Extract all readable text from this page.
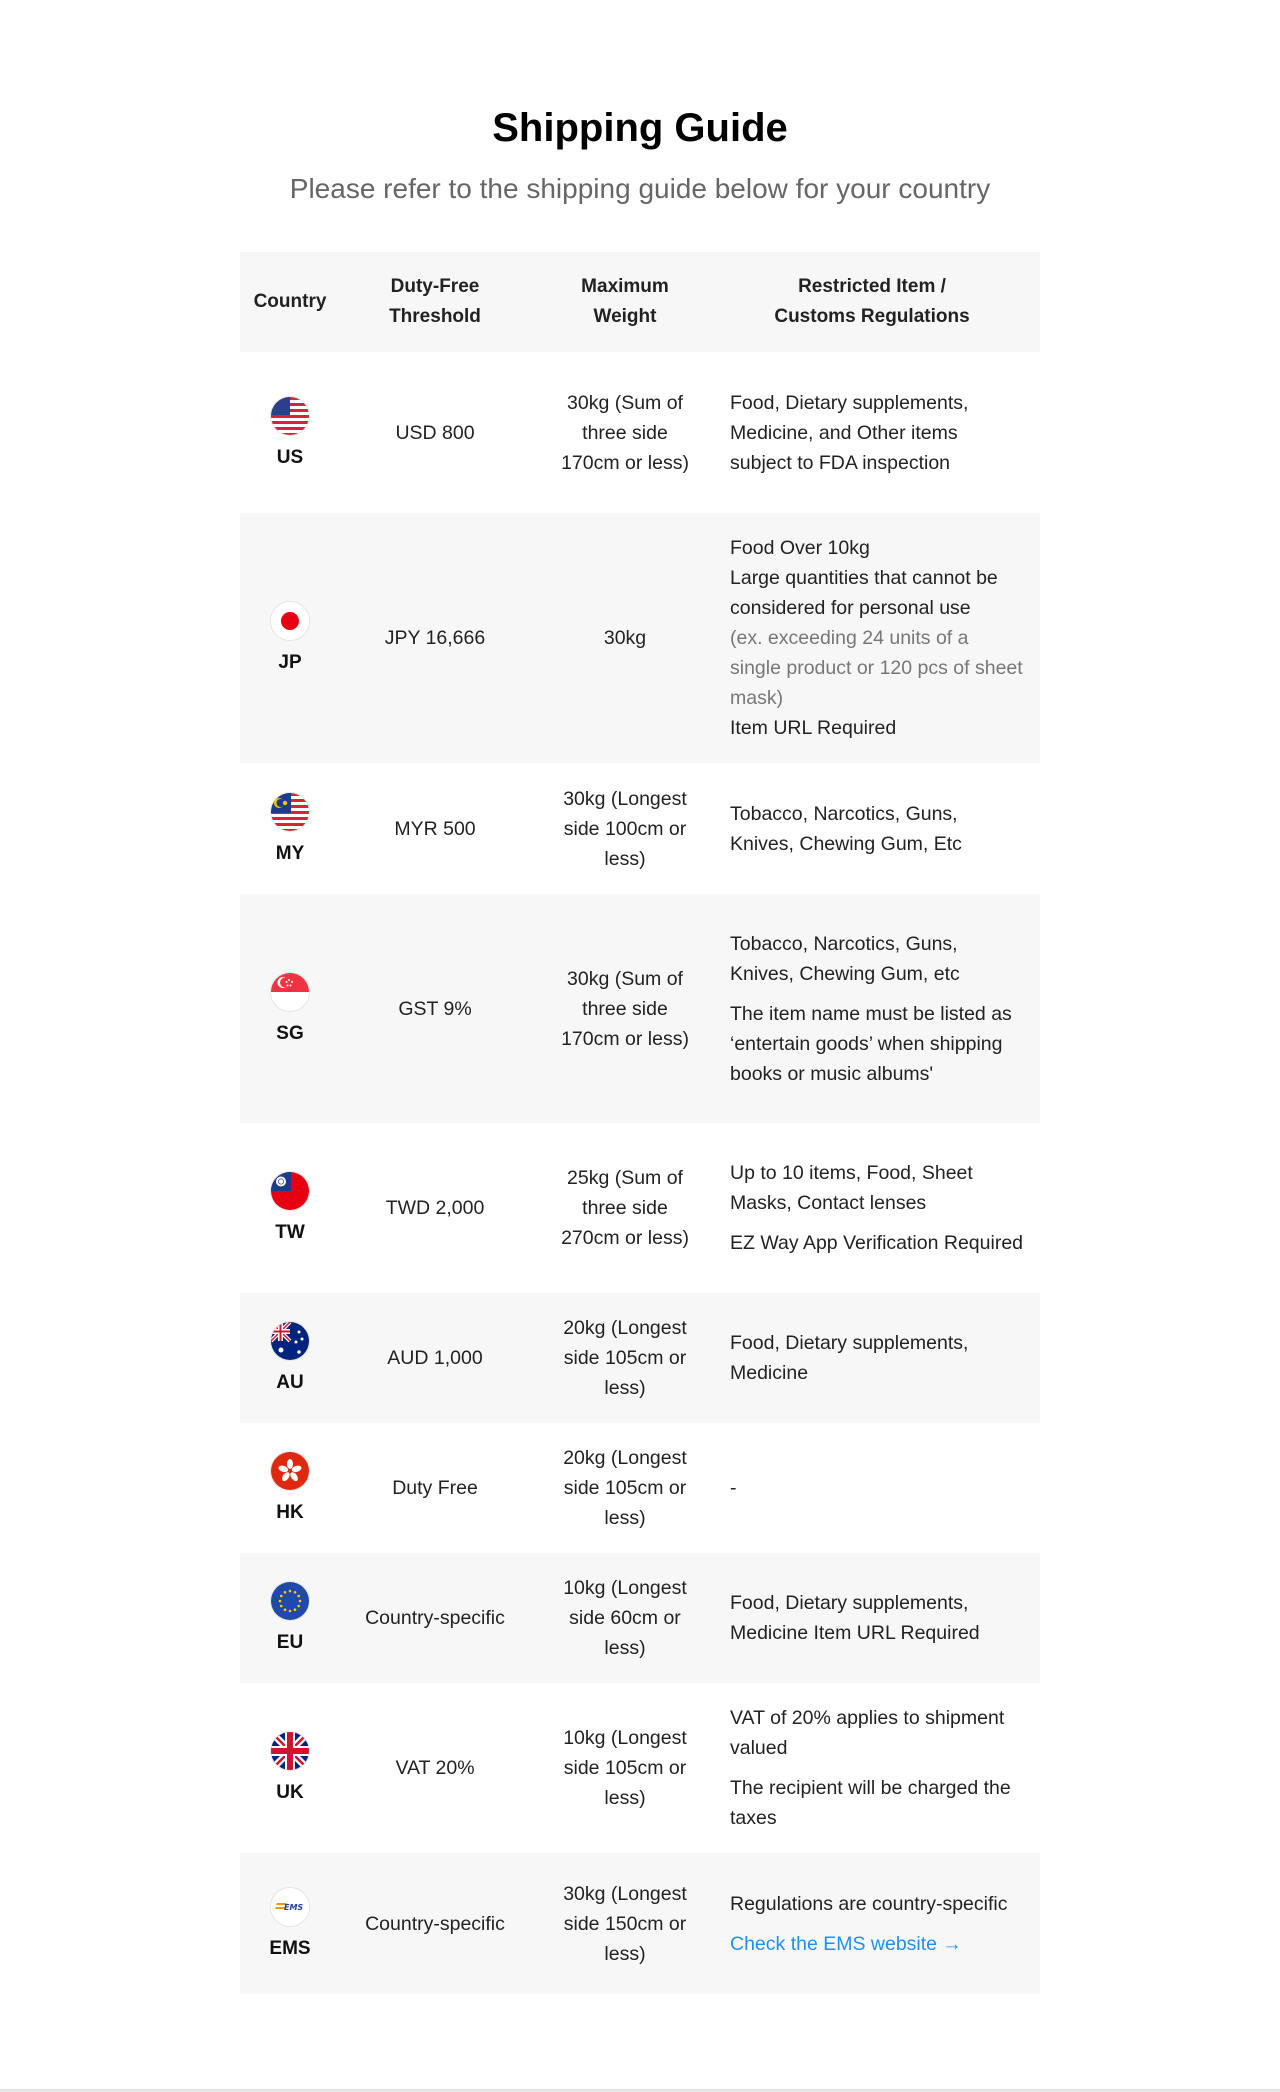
Shipping Guide
Please refer to the shipping guide below for your country
Country
Duty-Free
Threshold
Maximum
Weight
Restricted Item /
Customs Regulations
US
USD 800
30kg (Sum of three side 170cm or less)
Food, Dietary supplements, Medicine, and Other items subject to FDA inspection
JP
JPY 16,666	30kg
Food Over 10kg
Large quantities that cannot be considered for personal use
(ex. exceeding 24 units of a single product or 120 pcs of sheet mask)
Item URL Required
MY
MYR 500
30kg (Longest side 100cm or less)
Tobacco, Narcotics, Guns, Knives, Chewing Gum, Etc
SG
GST 9%
30kg (Sum of three side 170cm or less)
Tobacco, Narcotics, Guns, Knives, Chewing Gum, etc
The item name must be listed as ‘entertain goods’ when shipping books or music albums'
TW
TWD 2,000
25kg (Sum of three side 270cm or less)
Up to 10 items, Food, Sheet Masks, Contact lenses
EZ Way App Verification Required
AU
AUD 1,000
20kg (Longest side 105cm or less)
Food, Dietary supplements, Medicine
HK
Duty Free
20kg (Longest side 105cm or less)
-
EU
Country-specific
10kg (Longest side 60cm or less)
Food, Dietary supplements, Medicine Item URL Required
UK
VAT 20%
10kg (Longest side 105cm or less)
VAT of 20% applies to shipment valued
The recipient will be charged the taxes
EMS
EMS
Country-specific
30kg (Longest side 150cm or less)
Regulations are country-specific
Check the EMS website →
